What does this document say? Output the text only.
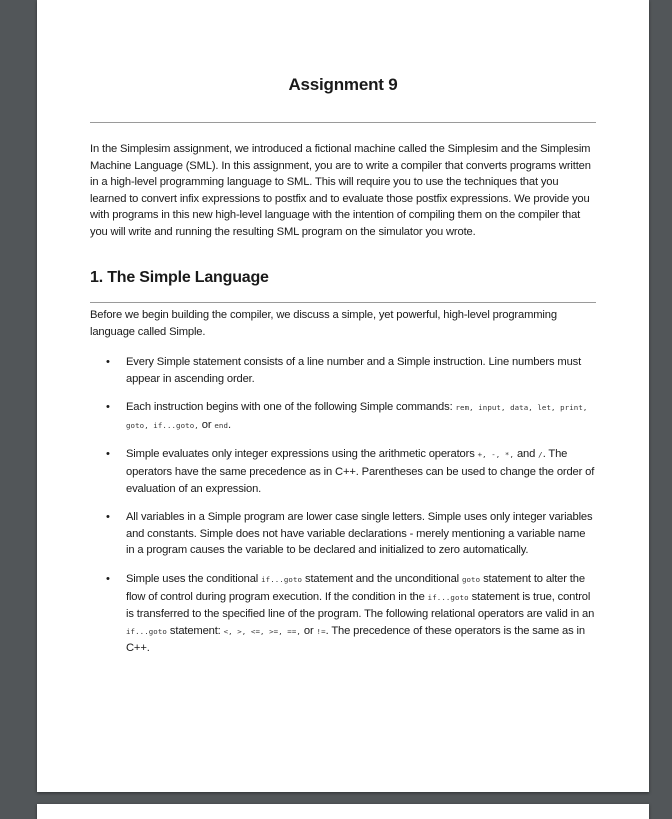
Assignment 9

In the Simplesim assignment, we introduced a fictional machine called the Simplesim and the Simplesim Machine Language (SML). In this assignment, you are to write a compiler that converts programs written in a high-level programming language to SML. This will require you to use the techniques that you learned to convert infix expressions to postfix and to evaluate those postfix expressions. We provide you with programs in this new high-level language with the intention of compiling them on the compiler that you will write and running the resulting SML program on the simulator you wrote.

1. The Simple Language

Before we begin building the compiler, we discuss a simple, yet powerful, high-level programming language called Simple.

• Every Simple statement consists of a line number and a Simple instruction. Line numbers must appear in ascending order.
• Each instruction begins with one of the following Simple commands: rem, input, data, let, print, goto, if...goto, or end.
• Simple evaluates only integer expressions using the arithmetic operators +, -, *, and /. The operators have the same precedence as in C++. Parentheses can be used to change the order of evaluation of an expression.
• All variables in a Simple program are lower case single letters. Simple uses only integer variables and constants. Simple does not have variable declarations - merely mentioning a variable name in a program causes the variable to be declared and initialized to zero automatically.
• Simple uses the conditional if...goto statement and the unconditional goto statement to alter the flow of control during program execution. If the condition in the if...goto statement is true, control is transferred to the specified line of the program. The following relational operators are valid in an if...goto statement: <, >, <=, >=, ==, or !=. The precedence of these operators is the same as in C++.
